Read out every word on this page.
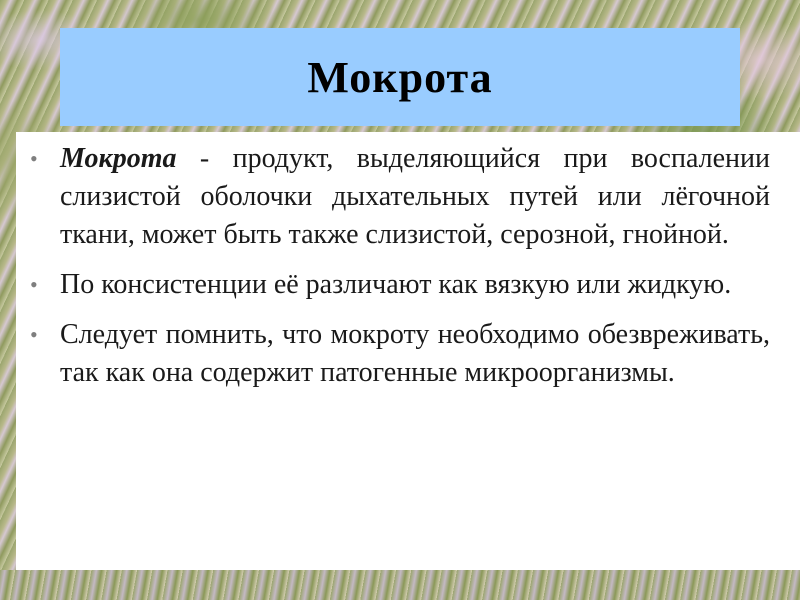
Мокрота
• Мокрота - продукт, выделяющийся при воспалении слизистой оболочки дыхательных путей или лёгочной ткани, может быть также слизистой, серозной, гнойной.
• По консистенции её различают как вязкую или жидкую.
• Следует помнить, что мокроту необходимо обезвреживать, так как она содержит патогенные микроорганизмы.
